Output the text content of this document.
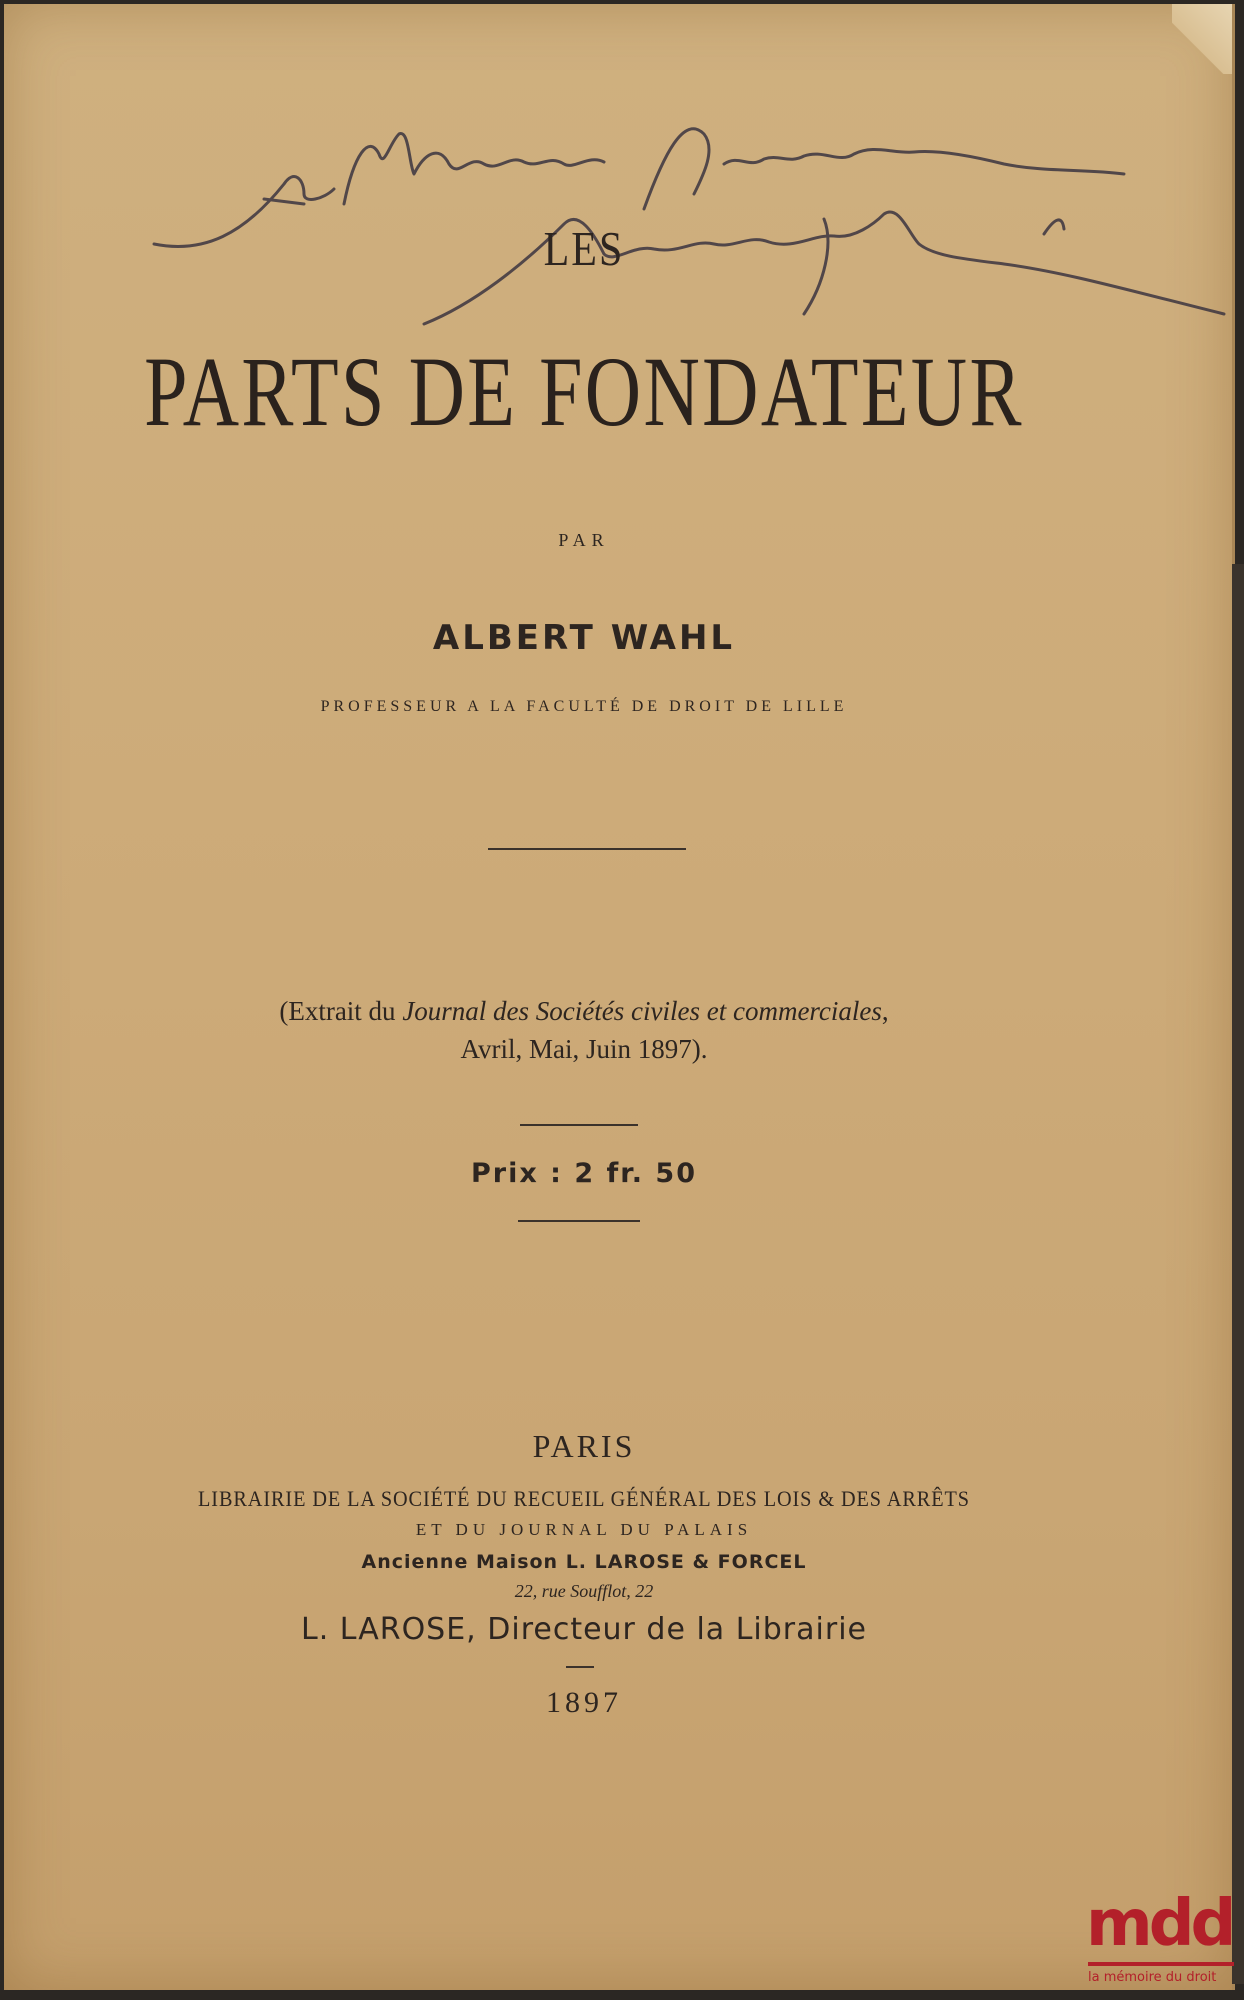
LES
PARTS DE FONDATEUR
PAR
ALBERT WAHL
PROFESSEUR A LA FACULTÉ DE DROIT DE LILLE
(Extrait du Journal des Sociétés civiles et commerciales,
Avril, Mai, Juin 1897).
Prix : 2 fr. 50
PARIS
LIBRAIRIE DE LA SOCIÉTÉ DU RECUEIL GÉNÉRAL DES LOIS & DES ARRÊTS
ET DU JOURNAL DU PALAIS
Ancienne Maison L. LAROSE & FORCEL
22, rue Soufflot, 22
L. LAROSE, Directeur de la Librairie
1897
mdd
la mémoire du droit
